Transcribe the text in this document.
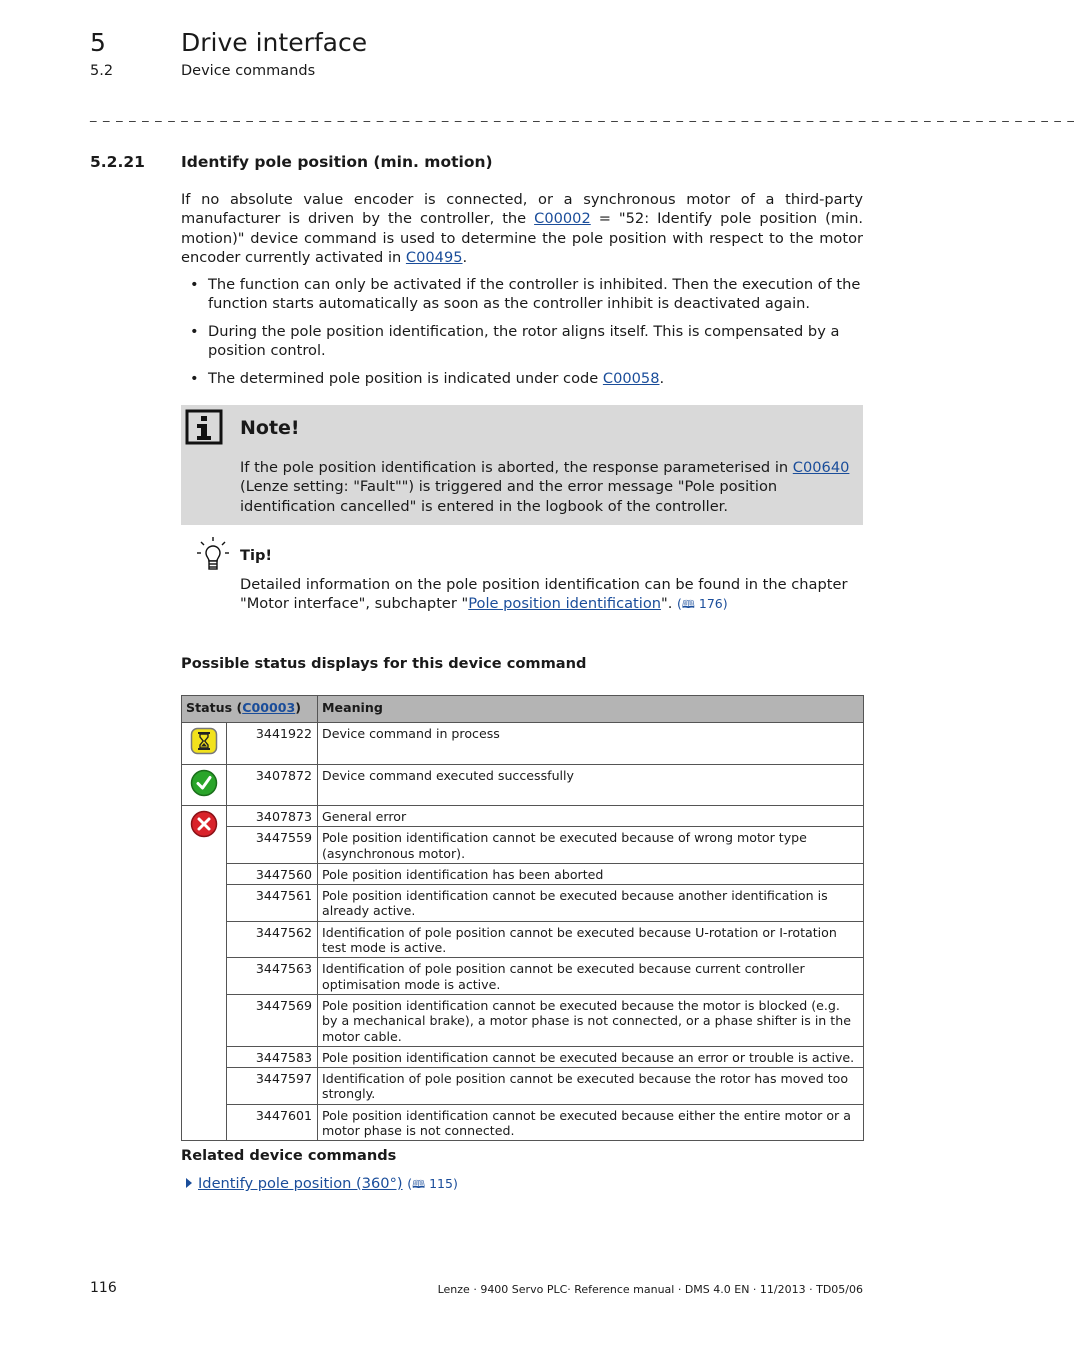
5	Drive interface
5.2	Device commands
_ _ _ _ _ _ _ _ _ _ _ _ _ _ _ _ _ _ _ _ _ _ _ _ _ _ _ _ _ _ _ _ _ _ _ _ _ _ _ _ _ _ _ _ _ _ _ _ _ _ _ _ _ _ _ _ _ _ _ _ _ _ _ _ _ _ _ _ _ _ _ _ _ _ _ _
5.2.21 Identify pole position (min. motion)
If no absolute value encoder is connected, or a synchronous motor of a third-party manufacturer is driven by the controller, the C00002 = "52: Identify pole position (min. motion)" device command is used to determine the pole position with respect to the motor encoder currently activated in C00495.
• The function can only be activated if the controller is inhibited. Then the execution of the function starts automatically as soon as the controller inhibit is deactivated again.
• During the pole position identification, the rotor aligns itself. This is compensated by a position control.
• The determined pole position is indicated under code C00058.
Note!
If the pole position identification is aborted, the response parameterised in C00640 (Lenze setting: "Fault"") is triggered and the error message "Pole position identification cancelled" is entered in the logbook of the controller.
Tip!
Detailed information on the pole position identification can be found in the chapter "Motor interface", subchapter "Pole position identification". (🕮 176)
Possible status displays for this device command
Status (C00003)		Meaning
	3441922	Device command in process
	3407872	Device command executed successfully
	3407873	General error
	3447559	Pole position identification cannot be executed because of wrong motor type (asynchronous motor).
	3447560	Pole position identification has been aborted
	3447561	Pole position identification cannot be executed because another identification is already active.
	3447562	Identification of pole position cannot be executed because U-rotation or I-rotation test mode is active.
	3447563	Identification of pole position cannot be executed because current controller optimisation mode is active.
	3447569	Pole position identification cannot be executed because the motor is blocked (e.g. by a mechanical brake), a motor phase is not connected, or a phase shifter is in the motor cable.
	3447583	Pole position identification cannot be executed because an error or trouble is active.
	3447597	Identification of pole position cannot be executed because the rotor has moved too strongly.
	3447601	Pole position identification cannot be executed because either the entire motor or a motor phase is not connected.
Related device commands
Identify pole position (360°) (🕮 115)
116	Lenze · 9400 Servo PLC· Reference manual · DMS 4.0 EN · 11/2013 · TD05/06
